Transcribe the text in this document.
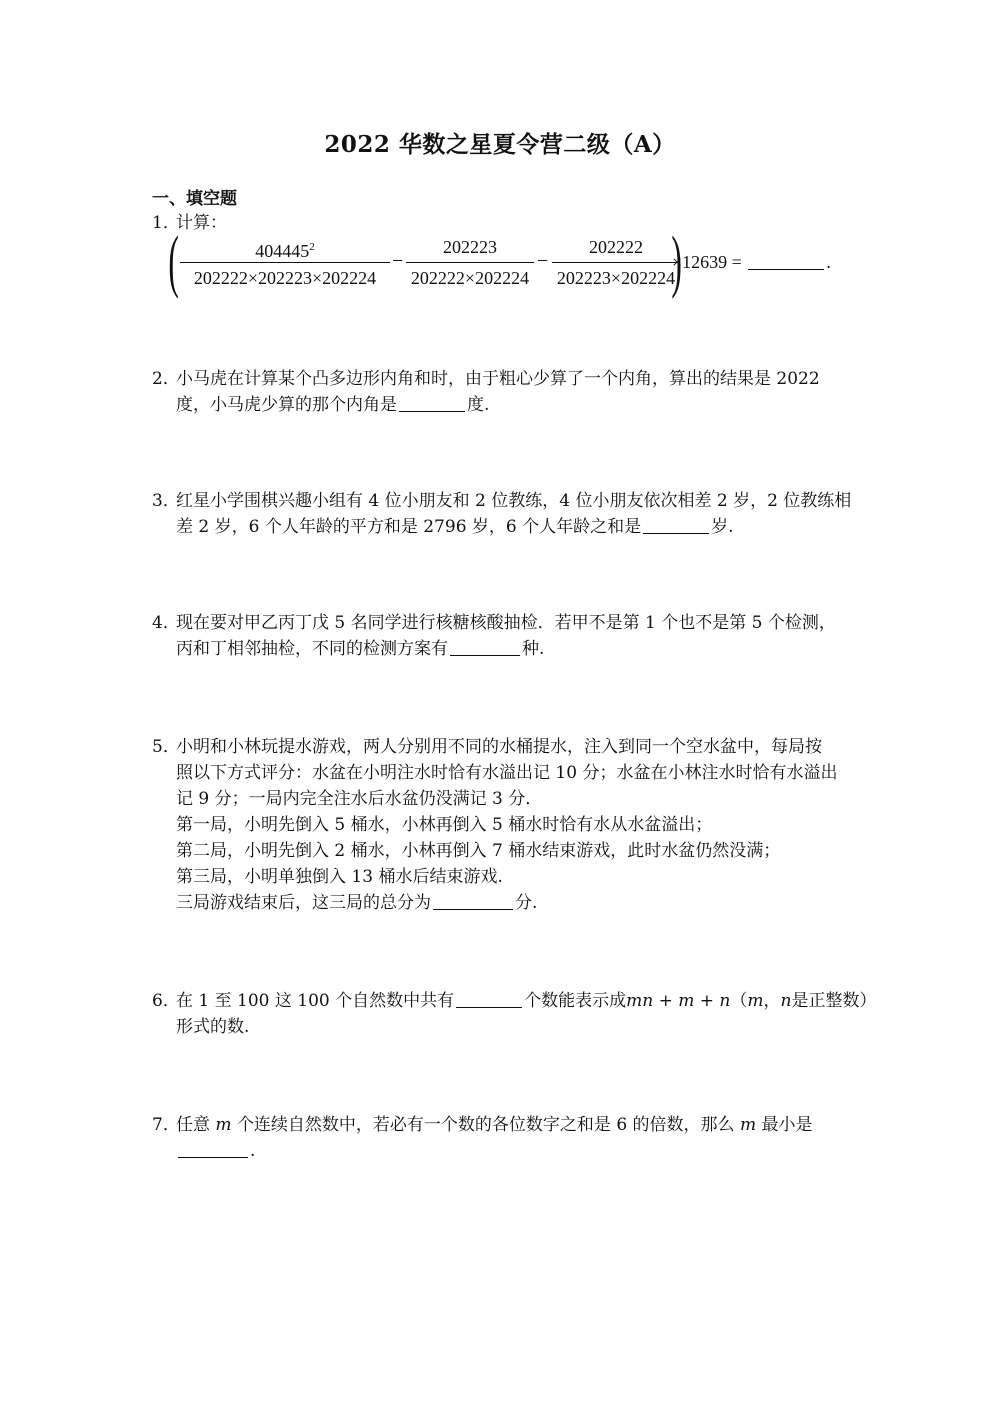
2022 华数之星夏令营二级（A）
一、填空题
1．计算：
(	404445$^2$
202222×202223×202224
−
202223
202222×202224
−
202222
202223×202224
)
×12639 =	.
2．小马虎在计算某个凸多边形内角和时，由于粗心少算了一个内角，算出的结果是 2022
度，小马虎少算的那个内角是	度.
3．红星小学围棋兴趣小组有 4 位小朋友和 2 位教练，4 位小朋友依次相差 2 岁，2 位教练相
差 2 岁，6 个人年龄的平方和是 2796 岁，6 个人年龄之和是	岁.
4．现在要对甲乙丙丁戊 5 名同学进行核糖核酸抽检．若甲不是第 1 个也不是第 5 个检测，
丙和丁相邻抽检，不同的检测方案有	种.
5．小明和小林玩提水游戏，两人分别用不同的水桶提水，注入到同一个空水盆中，每局按
照以下方式评分：水盆在小明注水时恰有水溢出记 10 分；水盆在小林注水时恰有水溢出
记 9 分；一局内完全注水后水盆仍没满记 3 分．
第一局，小明先倒入 5 桶水，小林再倒入 5 桶水时恰有水从水盆溢出；
第二局，小明先倒入 2 桶水，小林再倒入 7 桶水结束游戏，此时水盆仍然没满；
第三局，小明单独倒入 13 桶水后结束游戏.
三局游戏结束后，这三局的总分为	分.
6．在 1 至 100 这 100 个自然数中共有	个数能表示成mn + m + n（m，n是正整数）
形式的数.
7．任意 m 个连续自然数中，若必有一个数的各位数字之和是 6 的倍数，那么 m 最小是
.
